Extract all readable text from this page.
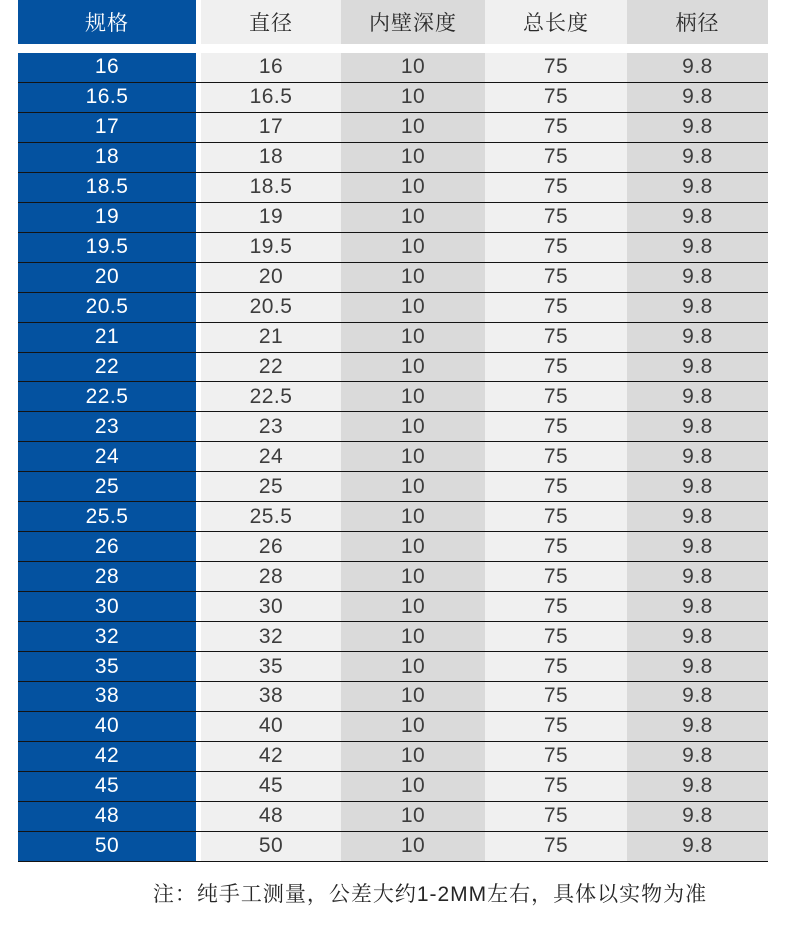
规格	直径	内壁深度	总长度	柄径
16	16	10	75	9.8
16.5	16.5	10	75	9.8
17	17	10	75	9.8
18	18	10	75	9.8
18.5	18.5	10	75	9.8
19	19	10	75	9.8
19.5	19.5	10	75	9.8
20	20	10	75	9.8
20.5	20.5	10	75	9.8
21	21	10	75	9.8
22	22	10	75	9.8
22.5	22.5	10	75	9.8
23	23	10	75	9.8
24	24	10	75	9.8
25	25	10	75	9.8
25.5	25.5	10	75	9.8
26	26	10	75	9.8
28	28	10	75	9.8
30	30	10	75	9.8
32	32	10	75	9.8
35	35	10	75	9.8
38	38	10	75	9.8
40	40	10	75	9.8
42	42	10	75	9.8
45	45	10	75	9.8
48	48	10	75	9.8
50	50	10	75	9.8
注：纯手工测量，公差大约1-2MM左右，具体以实物为准
